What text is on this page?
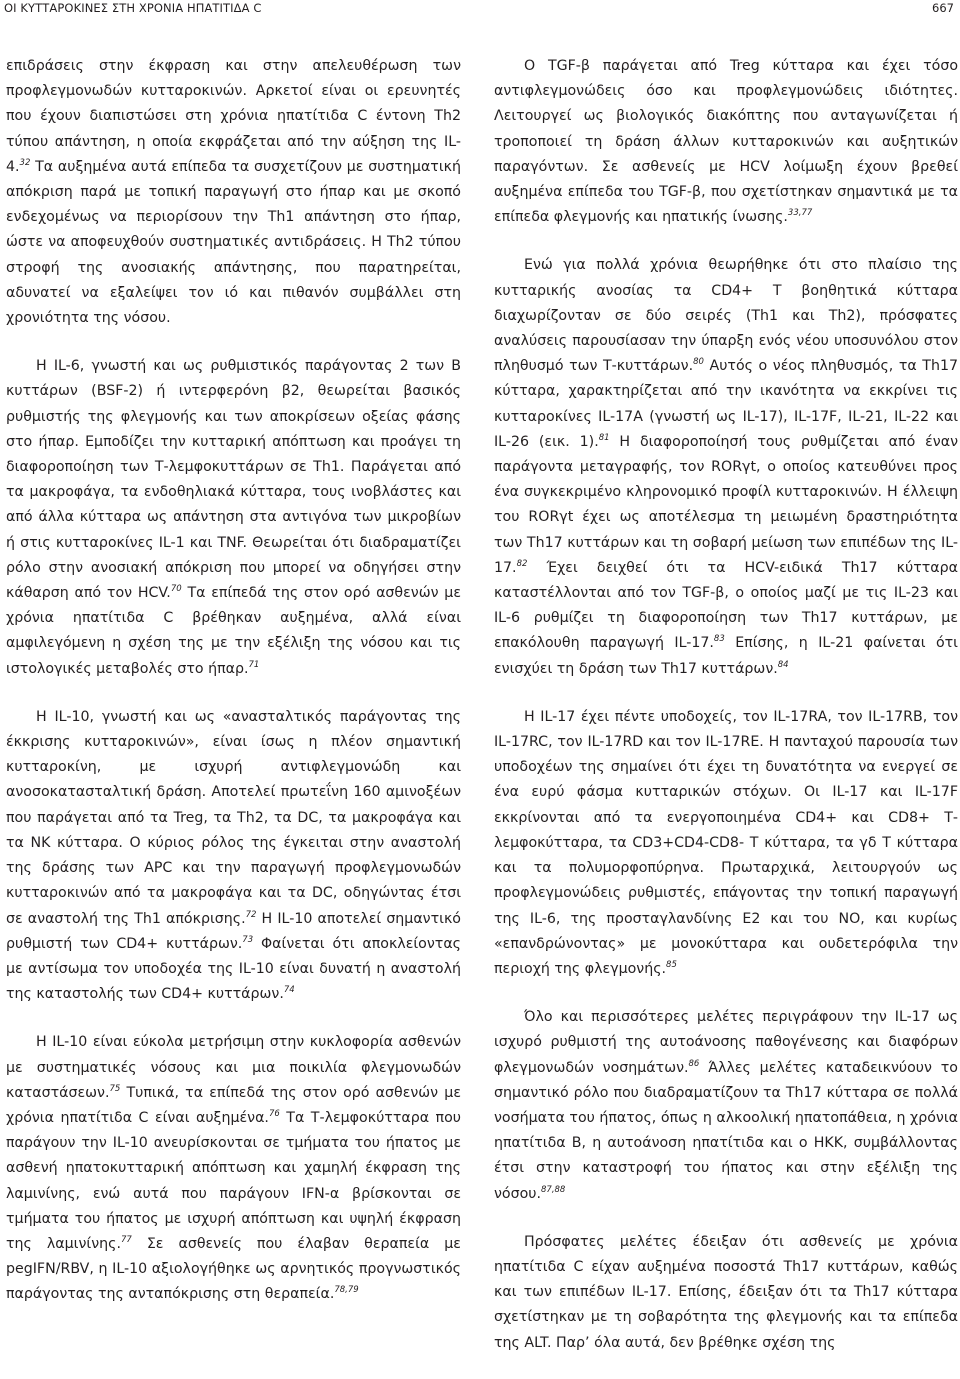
ΟΙ ΚΥΤΤΑΡΟΚΙΝΕΣ ΣΤΗ ΧΡΟΝΙΑ ΗΠΑΤΙΤΙΔΑ C	667

επιδράσεις στην έκφραση και στην απελευθέρωση των προφλεγμονωδών κυτταροκινών. Αρκετοί είναι οι ερευνητές που έχουν διαπιστώσει στη χρόνια ηπατίτιδα C έντονη Th2 τύπου απάντηση, η οποία εκφράζεται από την αύξηση της IL-4.32 Τα αυξημένα αυτά επίπεδα τα συσχετίζουν με συστηματική απόκριση παρά με τοπική παραγωγή στο ήπαρ και με σκοπό ενδεχομένως να περιορίσουν την Th1 απάντηση στο ήπαρ, ώστε να αποφευχθούν συστηματικές αντιδράσεις. Η Th2 τύπου στροφή της ανοσιακής απάντησης, που παρατηρείται, αδυνατεί να εξαλείψει τον ιό και πιθανόν συμβάλλει στη χρονιότητα της νόσου.

Η IL-6, γνωστή και ως ρυθμιστικός παράγοντας 2 των Β κυττάρων (BSF-2) ή ιντερφερόνη β2, θεωρείται βασικός ρυθμιστής της φλεγμονής και των αποκρίσεων οξείας φάσης στο ήπαρ. Εμποδίζει την κυτταρική απόπτωση και προάγει τη διαφοροποίηση των Τ-λεμφοκυττάρων σε Th1. Παράγεται από τα μακροφάγα, τα ενδοθηλιακά κύτταρα, τους ινοβλάστες και από άλλα κύτταρα ως απάντηση στα αντιγόνα των μικροβίων ή στις κυτταροκίνες IL-1 και TNF. Θεωρείται ότι διαδραματίζει ρόλο στην ανοσιακή απόκριση που μπορεί να οδηγήσει στην κάθαρση από τον HCV.$^{70}$ Τα επίπεδά της στον ορό ασθενών με χρόνια ηπατίτιδα C βρέθηκαν αυξημένα, αλλά είναι αμφιλεγόμενη η σχέση της με την εξέλιξη της νόσου και τις ιστολογικές μεταβολές στο ήπαρ.$^{71}$

Η IL-10, γνωστή και ως «ανασταλτικός παράγοντας της έκκρισης κυτταροκινών», είναι ίσως η πλέον σημαντική κυτταροκίνη, με ισχυρή αντιφλεγμονώδη και ανοσοκατασταλτική δράση. Αποτελεί πρωτεΐνη 160 αμινοξέων που παράγεται από τα Treg, τα Th2, τα DC, τα μακροφάγα και τα NK κύτταρα. Ο κύριος ρόλος της έγκειται στην αναστολή της δράσης των APC και την παραγωγή προφλεγμονωδών κυτταροκινών από τα μακροφάγα και τα DC, οδηγώντας έτσι σε αναστολή της Th1 απόκρισης.$^{72}$ Η IL-10 αποτελεί σημαντικό ρυθμιστή των CD4+ κυττάρων.$^{73}$ Φαίνεται ότι αποκλείοντας με αντίσωμα τον υποδοχέα της IL-10 είναι δυνατή η αναστολή της καταστολής των CD4+ κυττάρων.$^{74}$

Η IL-10 είναι εύκολα μετρήσιμη στην κυκλοφορία ασθενών με συστηματικές νόσους και μια ποικιλία φλεγμονωδών καταστάσεων.$^{75}$ Τυπικά, τα επίπεδά της στον ορό ασθενών με χρόνια ηπατίτιδα C είναι αυξημένα.$^{76}$ Τα Τ-λεμφοκύτταρα που παράγουν την IL-10 ανευρίσκονται σε τμήματα του ήπατος με ασθενή ηπατοκυτταρική απόπτωση και χαμηλή έκφραση της λαμινίνης, ενώ αυτά που παράγουν IFN-α βρίσκονται σε τμήματα του ήπατος με ισχυρή απόπτωση και υψηλή έκφραση της λαμινίνης.$^{77}$ Σε ασθενείς που έλαβαν θεραπεία με pegIFN/RBV, η IL-10 αξιολογήθηκε ως αρνητικός προγνωστικός παράγοντας της ανταπόκρισης στη θεραπεία.$^{78,79}$

Ο TGF-β παράγεται από Treg κύτταρα και έχει τόσο αντιφλεγμονώδεις όσο και προφλεγμονώδεις ιδιότητες. Λειτουργεί ως βιολογικός διακόπτης που ανταγωνίζεται ή τροποποιεί τη δράση άλλων κυτταροκινών και αυξητικών παραγόντων. Σε ασθενείς με HCV λοίμωξη έχουν βρεθεί αυξημένα επίπεδα του TGF-β, που σχετίστηκαν σημαντικά με τα επίπεδα φλεγμονής και ηπατικής ίνωσης.$^{33,77}$

Ενώ για πολλά χρόνια θεωρήθηκε ότι στο πλαίσιο της κυτταρικής ανοσίας τα CD4+ Τ βοηθητικά κύτταρα διαχωρίζονταν σε δύο σειρές (Th1 και Th2), πρόσφατες αναλύσεις παρουσίασαν την ύπαρξη ενός νέου υποσυνόλου στον πληθυσμό των Τ-κυττάρων.$^{80}$ Αυτός ο νέος πληθυσμός, τα Th17 κύτταρα, χαρακτηρίζεται από την ικανότητα να εκκρίνει τις κυτταροκίνες IL-17A (γνωστή ως IL-17), IL-17F, IL-21, IL-22 και IL-26 (εικ. 1).$^{81}$ Η διαφοροποίησή τους ρυθμίζεται από έναν παράγοντα μεταγραφής, τον RORγt, ο οποίος κατευθύνει προς ένα συγκεκριμένο κληρονομικό προφίλ κυτταροκινών. Η έλλειψη του RORγt έχει ως αποτέλεσμα τη μειωμένη δραστηριότητα των Th17 κυττάρων και τη σοβαρή μείωση των επιπέδων της IL-17.82 Έχει δειχθεί ότι τα HCV-ειδικά Th17 κύτταρα καταστέλλονται από τον TGF-β, ο οποίος μαζί με τις IL-23 και IL-6 ρυθμίζει τη διαφοροποίηση των Th17 κυττάρων, με επακόλουθη παραγωγή IL-17.83 Επίσης, η IL-21 φαίνεται ότι ενισχύει τη δράση των Th17 κυττάρων.$^{84}$

Η IL-17 έχει πέντε υποδοχείς, τον IL-17RA, τον IL-17RB, τον IL-17RC, τον IL-17RD και τον IL-17RE. Η πανταχού παρουσία των υποδοχέων της σημαίνει ότι έχει τη δυνατότητα να ενεργεί σε ένα ευρύ φάσμα κυτταρικών στόχων. Οι IL-17 και IL-17F εκκρίνονται από τα ενεργοποιημένα CD4+ και CD8+ Τ-λεμφοκύτταρα, τα CD3+CD4-CD8- Τ κύτταρα, τα γδ Τ κύτταρα και τα πολυμορφοπύρηνα. Πρωταρχικά, λειτουργούν ως προφλεγμονώδεις ρυθμιστές, επάγοντας την τοπική παραγωγή της IL-6, της προσταγλανδίνης Ε2 και του NO, και κυρίως «επανδρώνοντας» με μονοκύτταρα και ουδετερόφιλα την περιοχή της φλεγμονής.$^{85}$

Όλο και περισσότερες μελέτες περιγράφουν την IL-17 ως ισχυρό ρυθμιστή της αυτοάνοσης παθογένεσης και διαφόρων φλεγμονωδών νοσημάτων.$^{86}$ Άλλες μελέτες καταδεικνύουν το σημαντικό ρόλο που διαδραματίζουν τα Th17 κύτταρα σε πολλά νοσήματα του ήπατος, όπως η αλκοολική ηπατοπάθεια, η χρόνια ηπατίτιδα Β, η αυτοάνοση ηπατίτιδα και ο HKK, συμβάλλοντας έτσι στην καταστροφή του ήπατος και στην εξέλιξη της νόσου.$^{87,88}$

Πρόσφατες μελέτες έδειξαν ότι ασθενείς με χρόνια ηπατίτιδα C είχαν αυξημένα ποσοστά Th17 κυττάρων, καθώς και των επιπέδων IL-17. Επίσης, έδειξαν ότι τα Th17 κύτταρα σχετίστηκαν με τη σοβαρότητα της φλεγμονής και τα επίπεδα της ALT. Παρ’ όλα αυτά, δεν βρέθηκε σχέση της
